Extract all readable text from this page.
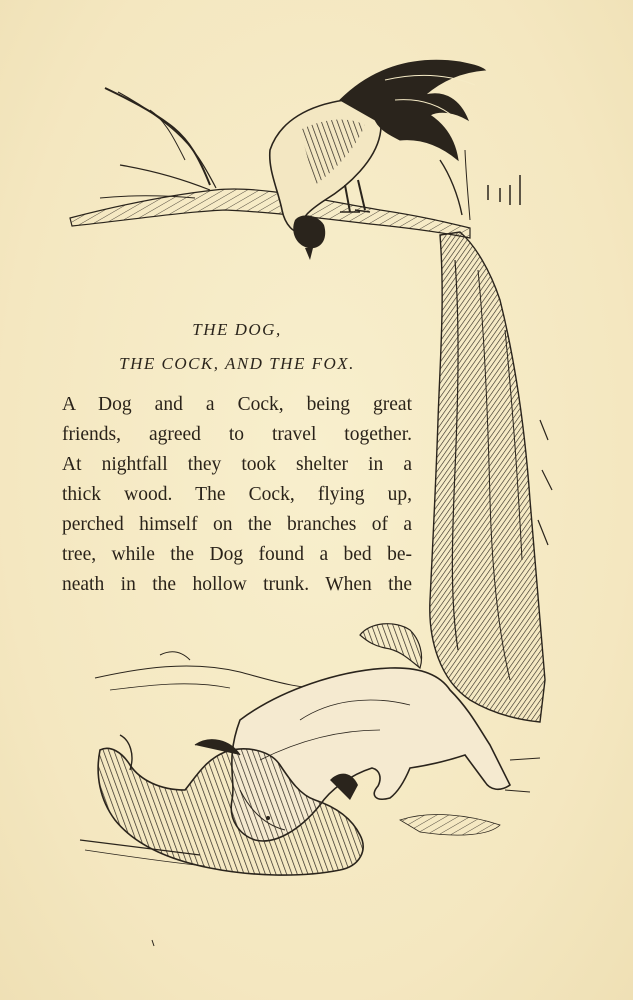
THE DOG,

THE COCK, AND THE FOX.

A Dog and a Cock, being great
friends, agreed to travel together.
At nightfall they took shelter in a
thick wood. The Cock, flying up,
perched himself on the branches of a
tree, while the Dog found a bed be-
neath in the hollow trunk. When the
